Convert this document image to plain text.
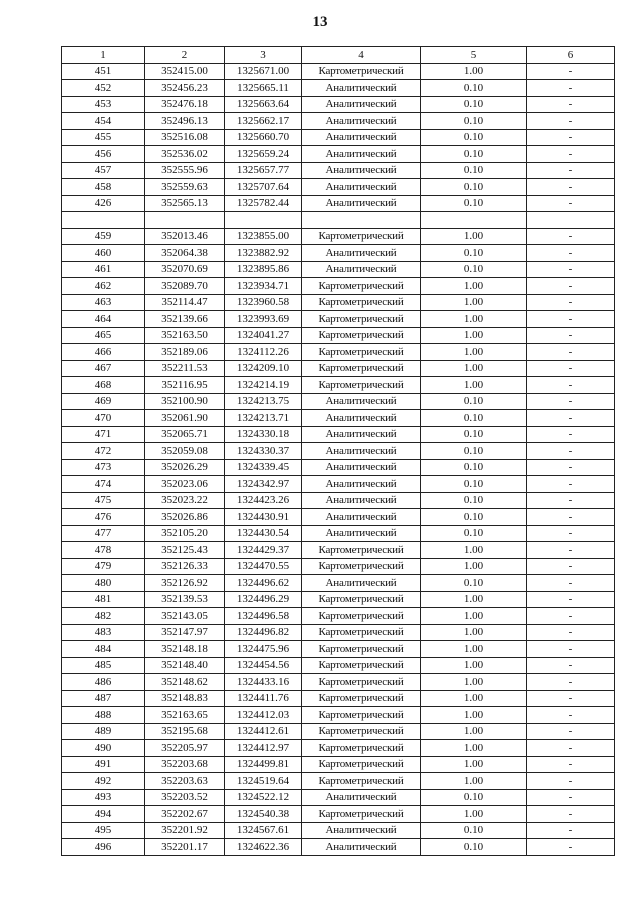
13
1	2	3	4	5	6
451	352415.00	1325671.00	Картометрический	1.00	-
452	352456.23	1325665.11	Аналитический	0.10	-
453	352476.18	1325663.64	Аналитический	0.10	-
454	352496.13	1325662.17	Аналитический	0.10	-
455	352516.08	1325660.70	Аналитический	0.10	-
456	352536.02	1325659.24	Аналитический	0.10	-
457	352555.96	1325657.77	Аналитический	0.10	-
458	352559.63	1325707.64	Аналитический	0.10	-
426	352565.13	1325782.44	Аналитический	0.10	-

459	352013.46	1323855.00	Картометрический	1.00	-
460	352064.38	1323882.92	Аналитический	0.10	-
461	352070.69	1323895.86	Аналитический	0.10	-
462	352089.70	1323934.71	Картометрический	1.00	-
463	352114.47	1323960.58	Картометрический	1.00	-
464	352139.66	1323993.69	Картометрический	1.00	-
465	352163.50	1324041.27	Картометрический	1.00	-
466	352189.06	1324112.26	Картометрический	1.00	-
467	352211.53	1324209.10	Картометрический	1.00	-
468	352116.95	1324214.19	Картометрический	1.00	-
469	352100.90	1324213.75	Аналитический	0.10	-
470	352061.90	1324213.71	Аналитический	0.10	-
471	352065.71	1324330.18	Аналитический	0.10	-
472	352059.08	1324330.37	Аналитический	0.10	-
473	352026.29	1324339.45	Аналитический	0.10	-
474	352023.06	1324342.97	Аналитический	0.10	-
475	352023.22	1324423.26	Аналитический	0.10	-
476	352026.86	1324430.91	Аналитический	0.10	-
477	352105.20	1324430.54	Аналитический	0.10	-
478	352125.43	1324429.37	Картометрический	1.00	-
479	352126.33	1324470.55	Картометрический	1.00	-
480	352126.92	1324496.62	Аналитический	0.10	-
481	352139.53	1324496.29	Картометрический	1.00	-
482	352143.05	1324496.58	Картометрический	1.00	-
483	352147.97	1324496.82	Картометрический	1.00	-
484	352148.18	1324475.96	Картометрический	1.00	-
485	352148.40	1324454.56	Картометрический	1.00	-
486	352148.62	1324433.16	Картометрический	1.00	-
487	352148.83	1324411.76	Картометрический	1.00	-
488	352163.65	1324412.03	Картометрический	1.00	-
489	352195.68	1324412.61	Картометрический	1.00	-
490	352205.97	1324412.97	Картометрический	1.00	-
491	352203.68	1324499.81	Картометрический	1.00	-
492	352203.63	1324519.64	Картометрический	1.00	-
493	352203.52	1324522.12	Аналитический	0.10	-
494	352202.67	1324540.38	Картометрический	1.00	-
495	352201.92	1324567.61	Аналитический	0.10	-
496	352201.17	1324622.36	Аналитический	0.10	-
